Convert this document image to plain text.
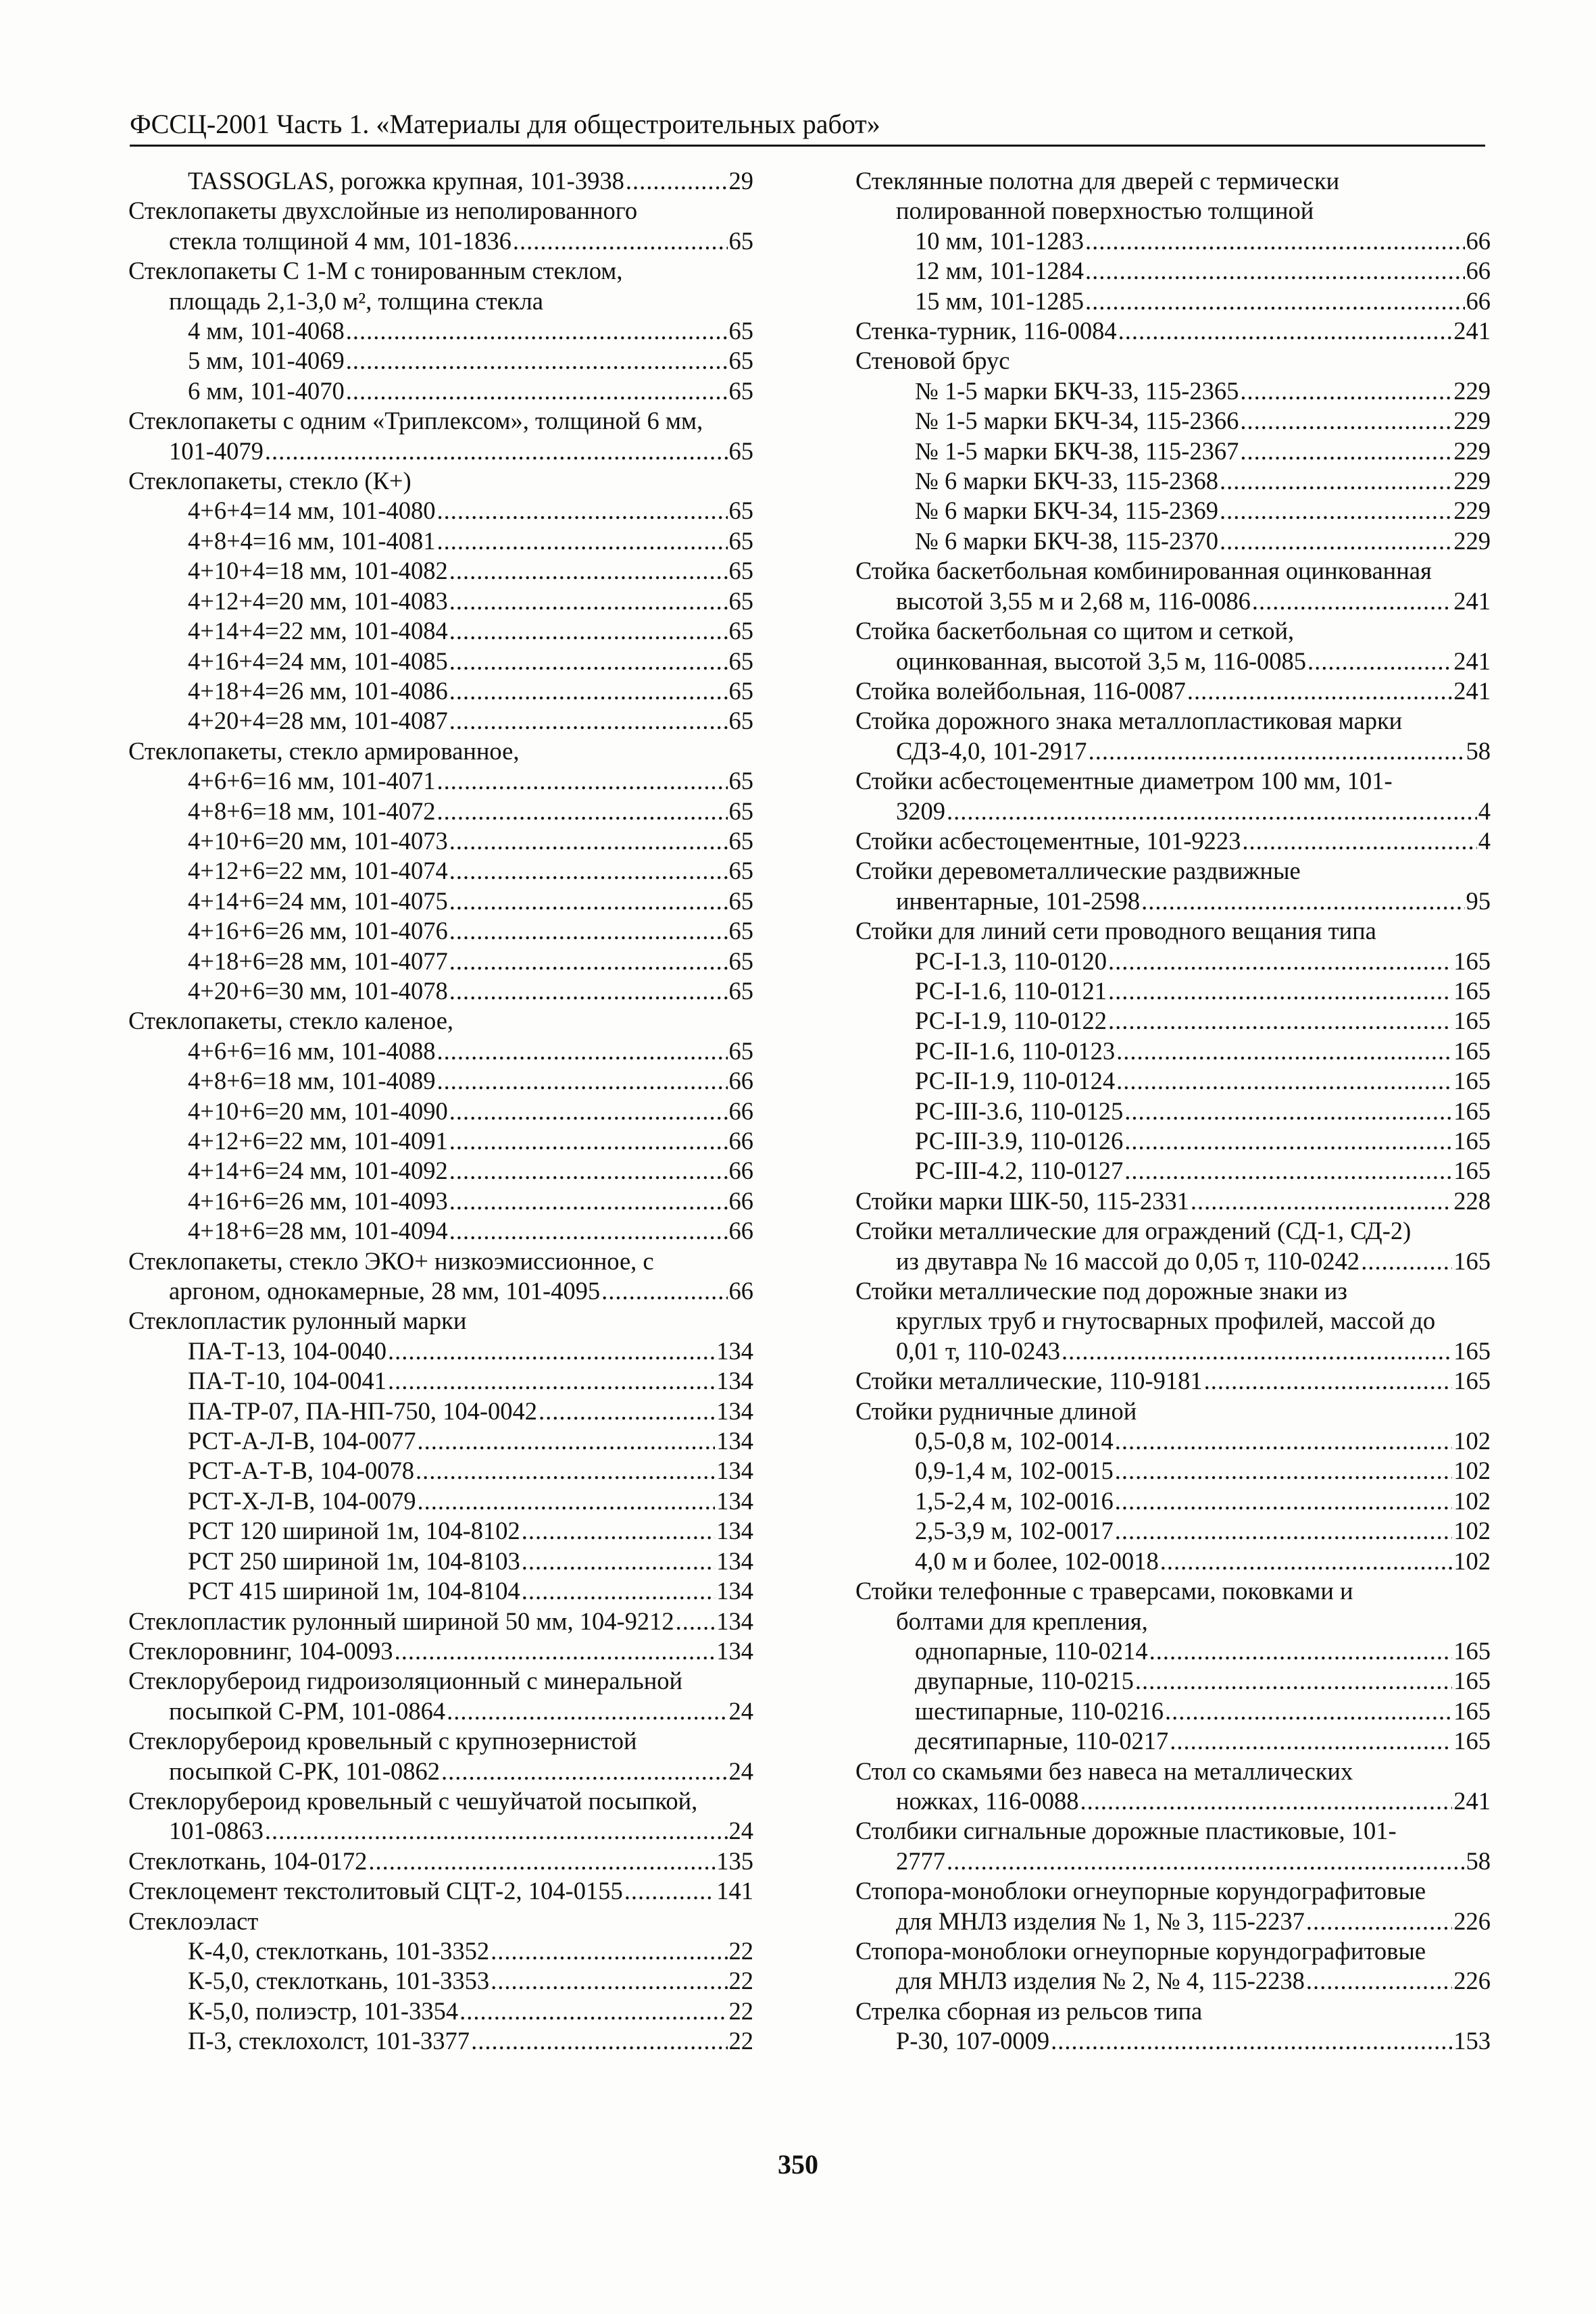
ФССЦ-2001 Часть 1. «Материалы для общестроительных работ»
TASSOGLAS, рогожка крупная, 101-3938 .....	29
Стеклопакеты двухслойные из неполированного
стекла толщиной 4 мм, 101-1836 .....	65
Стеклопакеты С 1-М с тонированным стеклом,
площадь 2,1-3,0 м², толщина стекла
4 мм, 101-4068 .....	65
5 мм, 101-4069 .....	65
6 мм, 101-4070 .....	65
Стеклопакеты с одним «Триплексом», толщиной 6 мм,
101-4079 .....	65
Стеклопакеты, стекло (К+)
4+6+4=14 мм, 101-4080 .....	65
4+8+4=16 мм, 101-4081 .....	65
4+10+4=18 мм, 101-4082 .....	65
4+12+4=20 мм, 101-4083 .....	65
4+14+4=22 мм, 101-4084 .....	65
4+16+4=24 мм, 101-4085 .....	65
4+18+4=26 мм, 101-4086 .....	65
4+20+4=28 мм, 101-4087 .....	65
Стеклопакеты, стекло армированное,
4+6+6=16 мм, 101-4071 .....	65
4+8+6=18 мм, 101-4072 .....	65
4+10+6=20 мм, 101-4073 .....	65
4+12+6=22 мм, 101-4074 .....	65
4+14+6=24 мм, 101-4075 .....	65
4+16+6=26 мм, 101-4076 .....	65
4+18+6=28 мм, 101-4077 .....	65
4+20+6=30 мм, 101-4078 .....	65
Стеклопакеты, стекло каленое,
4+6+6=16 мм, 101-4088 .....	65
4+8+6=18 мм, 101-4089 .....	66
4+10+6=20 мм, 101-4090 .....	66
4+12+6=22 мм, 101-4091 .....	66
4+14+6=24 мм, 101-4092 .....	66
4+16+6=26 мм, 101-4093 .....	66
4+18+6=28 мм, 101-4094 .....	66
Стеклопакеты, стекло ЭКО+ низкоэмиссионное, с
аргоном, однокамерные, 28 мм, 101-4095 .....	66
Стеклопластик рулонный марки
ПА-Т-13, 104-0040 .....	134
ПА-Т-10, 104-0041 .....	134
ПА-ТР-07, ПА-НП-750, 104-0042 .....	134
РСТ-А-Л-В, 104-0077 .....	134
РСТ-А-Т-В, 104-0078 .....	134
РСТ-Х-Л-В, 104-0079 .....	134
РСТ 120 шириной 1м, 104-8102 .....	134
РСТ 250 шириной 1м, 104-8103 .....	134
РСТ 415 шириной 1м, 104-8104 .....	134
Стеклопластик рулонный шириной 50 мм, 104-9212 ..... 134
Стеклоровнинг, 104-0093 .....	134
Стеклорубероид гидроизоляционный с минеральной
посыпкой С-РМ, 101-0864 .....	24
Стеклорубероид кровельный с крупнозернистой
посыпкой С-РК, 101-0862 .....	24
Стеклорубероид кровельный с чешуйчатой посыпкой,
101-0863 .....	24
Стеклоткань, 104-0172 .....	135
Стеклоцемент текстолитовый СЦТ-2, 104-0155 .....	141
Стеклоэласт
К-4,0, стеклоткань, 101-3352 .....	22
К-5,0, стеклоткань, 101-3353 .....	22
К-5,0, полиэстр, 101-3354 .....	22
П-3, стеклохолст, 101-3377 .....	22
Стеклянные полотна для дверей с термически
полированной поверхностью толщиной
10 мм, 101-1283 .....	66
12 мм, 101-1284 .....	66
15 мм, 101-1285 .....	66
Стенка-турник, 116-0084 .....	241
Стеновой брус
№ 1-5 марки БКЧ-33, 115-2365 .....	229
№ 1-5 марки БКЧ-34, 115-2366 .....	229
№ 1-5 марки БКЧ-38, 115-2367 .....	229
№ 6 марки БКЧ-33, 115-2368 .....	229
№ 6 марки БКЧ-34, 115-2369 .....	229
№ 6 марки БКЧ-38, 115-2370 .....	229
Стойка баскетбольная комбинированная оцинкованная
высотой 3,55 м и 2,68 м, 116-0086 .....	241
Стойка баскетбольная со щитом и сеткой,
оцинкованная, высотой 3,5 м, 116-0085 .....	241
Стойка волейбольная, 116-0087 .....	241
Стойка дорожного знака металлопластиковая марки
СДЗ-4,0, 101-2917 .....	58
Стойки асбестоцементные диаметром 100 мм, 101-
3209 .....	4
Стойки асбестоцементные, 101-9223 .....	4
Стойки деревометаллические раздвижные
инвентарные, 101-2598 .....	95
Стойки для линий сети проводного вещания типа
РС-I-1.3, 110-0120 .....	165
РС-I-1.6, 110-0121 .....	165
РС-I-1.9, 110-0122 .....	165
РС-II-1.6, 110-0123 .....	165
РС-II-1.9, 110-0124 .....	165
РС-III-3.6, 110-0125 .....	165
РС-III-3.9, 110-0126 .....	165
РС-III-4.2, 110-0127 .....	165
Стойки марки ШК-50, 115-2331 .....	228
Стойки металлические для ограждений (СД-1, СД-2)
из двутавра № 16 массой до 0,05 т, 110-0242 .....	165
Стойки металлические под дорожные знаки из
круглых труб и гнутосварных профилей, массой до
0,01 т, 110-0243 .....	165
Стойки металлические, 110-9181 .....	165
Стойки рудничные длиной
0,5-0,8 м, 102-0014 .....	102
0,9-1,4 м, 102-0015 .....	102
1,5-2,4 м, 102-0016 .....	102
2,5-3,9 м, 102-0017 .....	102
4,0 м и более, 102-0018 .....	102
Стойки телефонные с траверсами, поковками и
болтами для крепления,
однопарные, 110-0214 .....	165
двупарные, 110-0215 .....	165
шестипарные, 110-0216 .....	165
десятипарные, 110-0217 .....	165
Стол со скамьями без навеса на металлических
ножках, 116-0088 .....	241
Столбики сигнальные дорожные пластиковые, 101-
2777 .....	58
Стопора-моноблоки огнеупорные корундографитовые
для МНЛЗ изделия № 1, № 3, 115-2237 .....	226
Стопора-моноблоки огнеупорные корундографитовые
для МНЛЗ изделия № 2, № 4, 115-2238 .....	226
Стрелка сборная из рельсов типа
Р-30, 107-0009 .....	153
350
